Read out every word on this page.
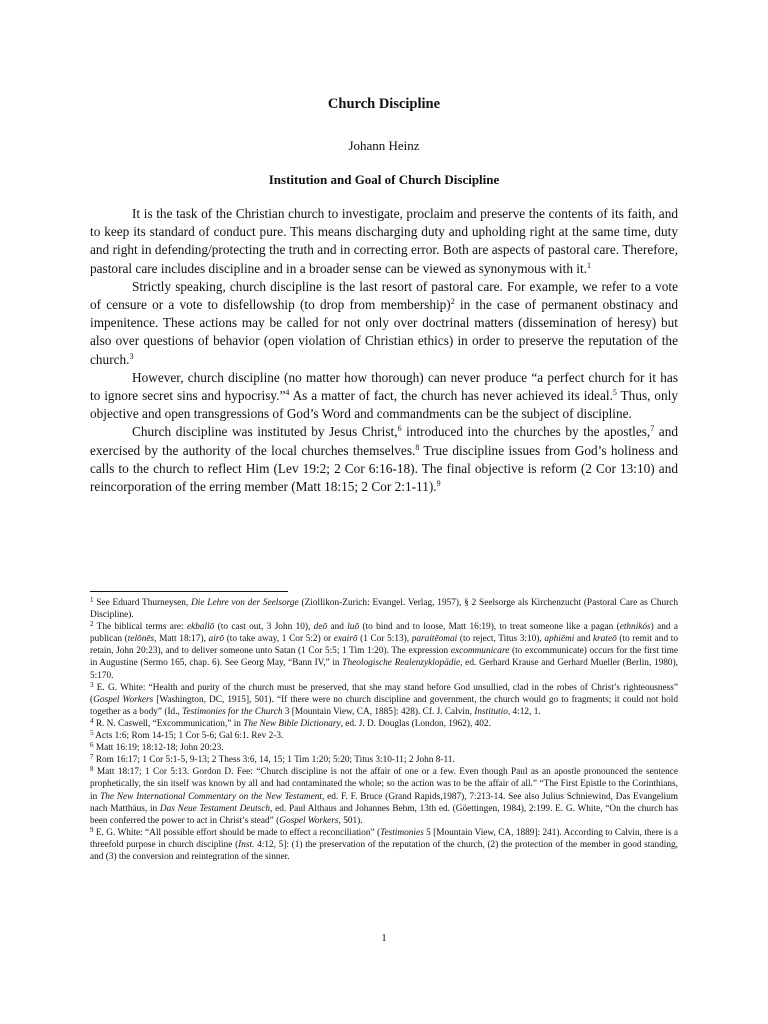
Church Discipline
Johann Heinz
Institution and Goal of Church Discipline

It is the task of the Christian church to investigate, proclaim and preserve the contents of its faith, and to keep its standard of conduct pure. This means discharging duty and upholding right at the same time, duty and right in defending/protecting the truth and in correcting error. Both are aspects of pastoral care. Therefore, pastoral care includes discipline and in a broader sense can be viewed as synonymous with it.$^1$

Strictly speaking, church discipline is the last resort of pastoral care. For example, we refer to a vote of censure or a vote to disfellowship (to drop from membership)$^2$ in the case of permanent obstinacy and impenitence. These actions may be called for not only over doctrinal matters (dissemination of heresy) but also over questions of behavior (open violation of Christian ethics) in order to preserve the reputation of the church.$^3$

However, church discipline (no matter how thorough) can never produce “a perfect church for it has to ignore secret sins and hypocrisy.”$^4$ As a matter of fact, the church has never achieved its ideal.$^5$ Thus, only objective and open transgressions of God’s Word and commandments can be the subject of discipline.

Church discipline was instituted by Jesus Christ,$^6$ introduced into the churches by the apostles,$^7$ and exercised by the authority of the local churches themselves.$^8$ True discipline issues from God’s holiness and calls to the church to reflect Him (Lev 19:2; 2 Cor 6:16-18). The final objective is reform (2 Cor 13:10) and reincorporation of the erring member (Matt 18:15; 2 Cor 2:1-11).$^9$

$^1$ See Eduard Thurneysen, Die Lehre von der Seelsorge (Ziollikon-Zurich: Evangel. Verlag, 1957), § 2 Seelsorge als Kirchenzucht (Pastoral Care as Church Discipline).

$^2$ The biblical terms are: ekballō (to cast out, 3 John 10), deō and luō (to bind and to loose, Matt 16:19), to treat someone like a pagan (ethnikós) and a publican (telōnēs, Matt 18:17), airō (to take away, 1 Cor 5:2) or exairō (1 Cor 5:13), paraitēomai (to reject, Titus 3:10), aphiēmi and krateō (to remit and to retain, John 20:23), and to deliver someone unto Satan (1 Cor 5:5; 1 Tim 1:20). The expression excommunicare (to excommunicate) occurs for the first time in Augustine (Sermo 165, chap. 6). See Georg May, “Bann IV,” in Theologische Realenzyklopädie, ed. Gerhard Krause and Gerhard Mueller (Berlin, 1980), 5:170.

$^3$ E. G. White: “Health and purity of the church must be preserved, that she may stand before God unsullied, clad in the robes of Christ’s righteousness” (Gospel Workers [Washington, DC, 1915], 501). “If there were no church discipline and government, the church would go to fragments; it could not hold together as a body” (Id., Testimonies for the Church 3 [Mountain View, CA, 1885]: 428). Cf. J. Calvin, Institutio, 4:12, 1.

$^4$ R. N. Caswell, “Excommunication,” in The New Bible Dictionary, ed. J. D. Douglas (London, 1962), 402.

$^5$ Acts 1:6; Rom 14-15; 1 Cor 5-6; Gal 6:1. Rev 2-3.

$^6$ Matt 16:19; 18:12-18; John 20:23.

$^7$ Rom 16:17; 1 Cor 5:1-5, 9-13; 2 Thess 3:6, 14, 15; 1 Tim 1:20; 5:20; Titus 3:10-11; 2 John 8-11.

$^8$ Matt 18:17; 1 Cor 5:13. Gordon D. Fee: “Church discipline is not the affair of one or a few. Even though Paul as an apostle pronounced the sentence prophetically, the sin itself was known by all and had contaminated the whole; so the action was to be the affair of all.” “The First Epistle to the Corinthians, in The New International Commentary on the New Testament, ed. F. F. Bruce (Grand Rapids,1987), 7:213-14. See also Julius Schniewind, Das Evangelium nach Matthäus, in Das Neue Testament Deutsch, ed. Paul Althaus and Johannes Behm, 13th ed. (Göettingen, 1984), 2:199. E. G. White, “On the church has been conferred the power to act in Christ’s stead” (Gospel Workers, 501).

$^9$ E. G. White: “All possible effort should be made to effect a reconciliation” (Testimonies 5 [Mountain View, CA, 1889]: 241). According to Calvin, there is a threefold purpose in church discipline (Inst. 4:12, 5]: (1) the preservation of the reputation of the church, (2) the protection of the member in good standing, and (3) the conversion and reintegration of the sinner.

1
